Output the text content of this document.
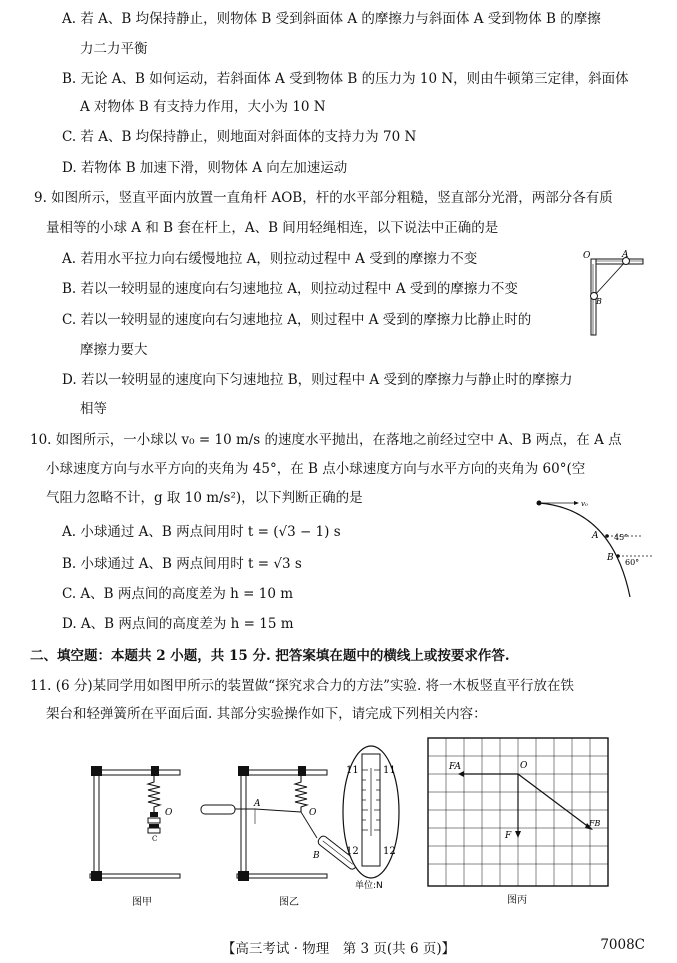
A. 若 A、B 均保持静止，则物体 B 受到斜面体 A 的摩擦力与斜面体 A 受到物体 B 的摩擦
力二力平衡
B. 无论 A、B 如何运动，若斜面体 A 受到物体 B 的压力为 10 N，则由牛顿第三定律，斜面体
A 对物体 B 有支持力作用，大小为 10 N
C. 若 A、B 均保持静止，则地面对斜面体的支持力为 70 N
D. 若物体 B 加速下滑，则物体 A 向左加速运动
9. 如图所示，竖直平面内放置一直角杆 AOB，杆的水平部分粗糙，竖直部分光滑，两部分各有质
量相等的小球 A 和 B 套在杆上，A、B 间用轻绳相连，以下说法中正确的是
A. 若用水平拉力向右缓慢地拉 A，则拉动过程中 A 受到的摩擦力不变
B. 若以一较明显的速度向右匀速地拉 A，则拉动过程中 A 受到的摩擦力不变
C. 若以一较明显的速度向右匀速地拉 A，则过程中 A 受到的摩擦力比静止时的
摩擦力要大
D. 若以一较明显的速度向下匀速地拉 B，则过程中 A 受到的摩擦力与静止时的摩擦力
相等
10. 如图所示，一小球以 v₀ = 10 m/s 的速度水平抛出，在落地之前经过空中 A、B 两点，在 A 点
小球速度方向与水平方向的夹角为 45°，在 B 点小球速度方向与水平方向的夹角为 60°(空
气阻力忽略不计，g 取 10 m/s²)，以下判断正确的是
A. 小球通过 A、B 两点间用时 t = (√3 − 1) s
B. 小球通过 A、B 两点间用时 t = √3 s
C. A、B 两点间的高度差为 h = 10 m
D. A、B 两点间的高度差为 h = 15 m
二、填空题：本题共 2 小题，共 15 分. 把答案填在题中的横线上或按要求作答.
11. (6 分)某同学用如图甲所示的装置做“探究求合力的方法”实验. 将一木板竖直平行放在铁
架台和轻弹簧所在平面后面. 其部分实验操作如下，请完成下列相关内容：
O	A
B
v₀
A
B
45°
60°
O
C
图甲
O
A
B
11 11
12 12
单位:N
图乙
FA	O
F
FB
图丙
【高三考试 · 物理　第 3 页(共 6 页)】	7008C
